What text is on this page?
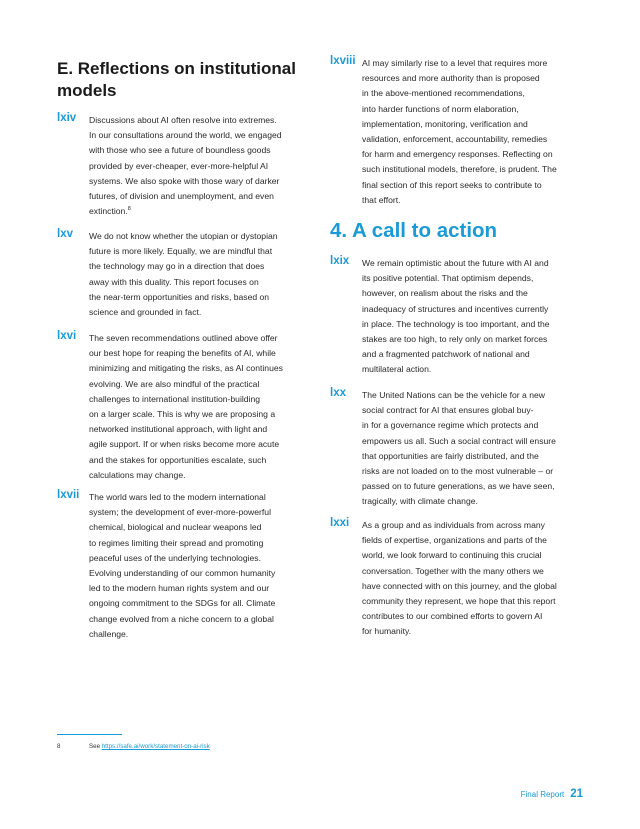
E. Reflections on institutional models
lxiv Discussions about AI often resolve into extremes.
In our consultations around the world, we engaged
with those who see a future of boundless goods
provided by ever-cheaper, ever-more-helpful AI
systems. We also spoke with those wary of darker
futures, of division and unemployment, and even
extinction.$^8$
lxv We do not know whether the utopian or dystopian
future is more likely. Equally, we are mindful that
the technology may go in a direction that does
away with this duality. This report focuses on
the near-term opportunities and risks, based on
science and grounded in fact.
lxvi The seven recommendations outlined above offer
our best hope for reaping the benefits of AI, while
minimizing and mitigating the risks, as AI continues
evolving. We are also mindful of the practical
challenges to international institution-building
on a larger scale. This is why we are proposing a
networked institutional approach, with light and
agile support. If or when risks become more acute
and the stakes for opportunities escalate, such
calculations may change.
lxvii The world wars led to the modern international
system; the development of ever-more-powerful
chemical, biological and nuclear weapons led
to regimes limiting their spread and promoting
peaceful uses of the underlying technologies.
Evolving understanding of our common humanity
led to the modern human rights system and our
ongoing commitment to the SDGs for all. Climate
change evolved from a niche concern to a global
challenge.
lxviii AI may similarly rise to a level that requires more
resources and more authority than is proposed
in the above-mentioned recommendations,
into harder functions of norm elaboration,
implementation, monitoring, verification and
validation, enforcement, accountability, remedies
for harm and emergency responses. Reflecting on
such institutional models, therefore, is prudent. The
final section of this report seeks to contribute to
that effort.
4. A call to action
lxix We remain optimistic about the future with AI and
its positive potential. That optimism depends,
however, on realism about the risks and the
inadequacy of structures and incentives currently
in place. The technology is too important, and the
stakes are too high, to rely only on market forces
and a fragmented patchwork of national and
multilateral action.
lxx The United Nations can be the vehicle for a new
social contract for AI that ensures global buy-
in for a governance regime which protects and
empowers us all. Such a social contract will ensure
that opportunities are fairly distributed, and the
risks are not loaded on to the most vulnerable – or
passed on to future generations, as we have seen,
tragically, with climate change.
lxxi As a group and as individuals from across many
fields of expertise, organizations and parts of the
world, we look forward to continuing this crucial
conversation. Together with the many others we
have connected with on this journey, and the global
community they represent, we hope that this report
contributes to our combined efforts to govern AI
for humanity.
8	See https://safe.ai/work/statement-on-ai-risk
Final Report 21
